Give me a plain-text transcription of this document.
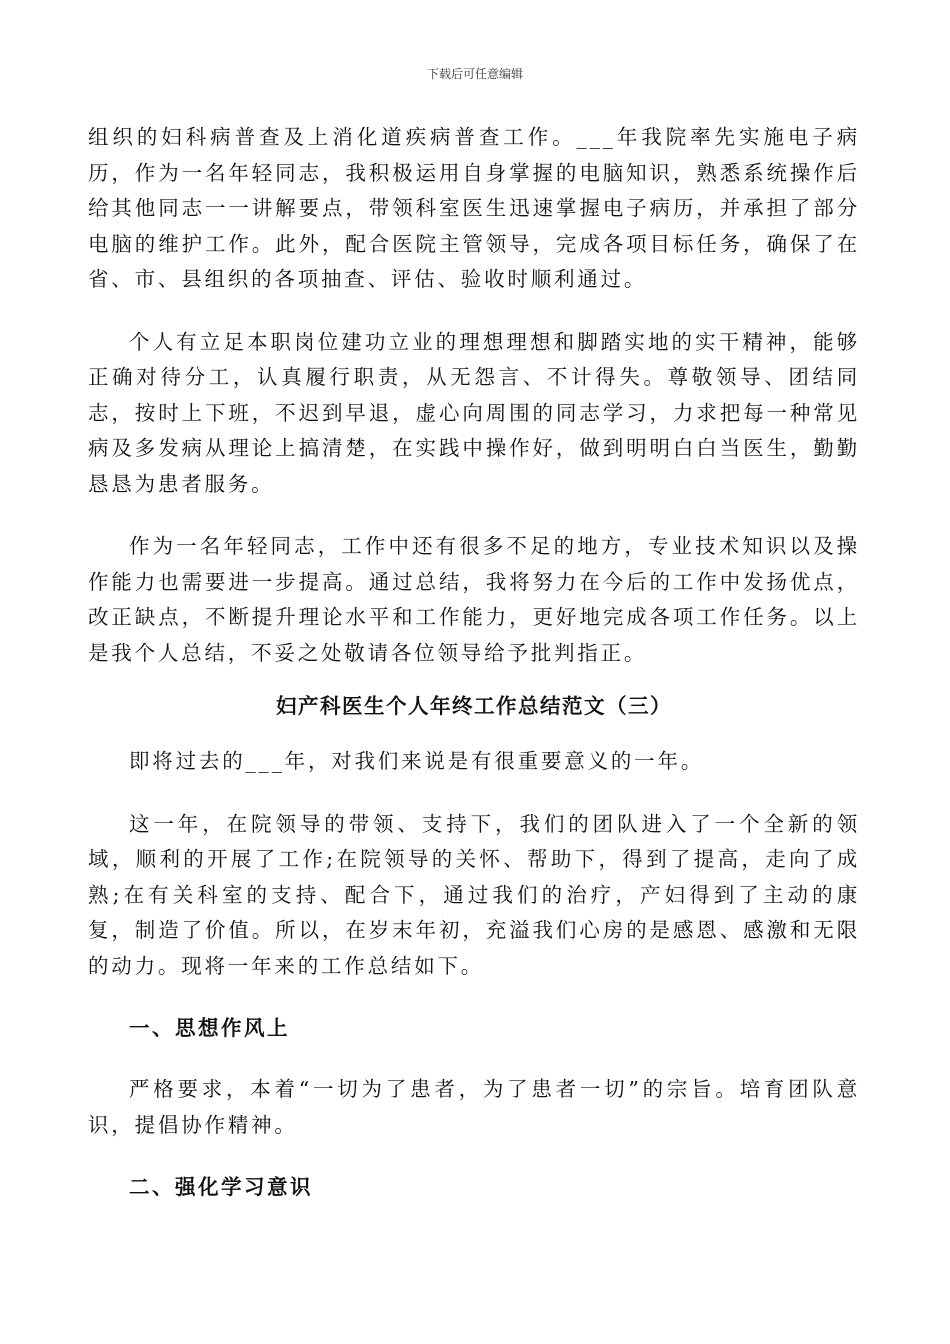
下载后可任意编辑

组织的妇科病普查及上消化道疾病普查工作。___年我院率先实施电子病历，作为一名年轻同志，我积极运用自身掌握的电脑知识，熟悉系统操作后给其他同志一一讲解要点，带领科室医生迅速掌握电子病历，并承担了部分电脑的维护工作。此外，配合医院主管领导，完成各项目标任务，确保了在省、市、县组织的各项抽查、评估、验收时顺利通过。

个人有立足本职岗位建功立业的理想理想和脚踏实地的实干精神，能够正确对待分工，认真履行职责，从无怨言、不计得失。尊敬领导、团结同志，按时上下班，不迟到早退，虚心向周围的同志学习，力求把每一种常见病及多发病从理论上搞清楚，在实践中操作好，做到明明白白当医生，勤勤恳恳为患者服务。

作为一名年轻同志，工作中还有很多不足的地方，专业技术知识以及操作能力也需要进一步提高。通过总结，我将努力在今后的工作中发扬优点，改正缺点，不断提升理论水平和工作能力，更好地完成各项工作任务。以上是我个人总结，不妥之处敬请各位领导给予批判指正。

妇产科医生个人年终工作总结范文（三）

即将过去的___年，对我们来说是有很重要意义的一年。

这一年，在院领导的带领、支持下，我们的团队进入了一个全新的领域，顺利的开展了工作;在院领导的关怀、帮助下，得到了提高，走向了成熟;在有关科室的支持、配合下，通过我们的治疗，产妇得到了主动的康复，制造了价值。所以，在岁末年初，充溢我们心房的是感恩、感激和无限的动力。现将一年来的工作总结如下。

一、思想作风上

严格要求，本着“一切为了患者，为了患者一切”的宗旨。培育团队意识，提倡协作精神。

二、强化学习意识
